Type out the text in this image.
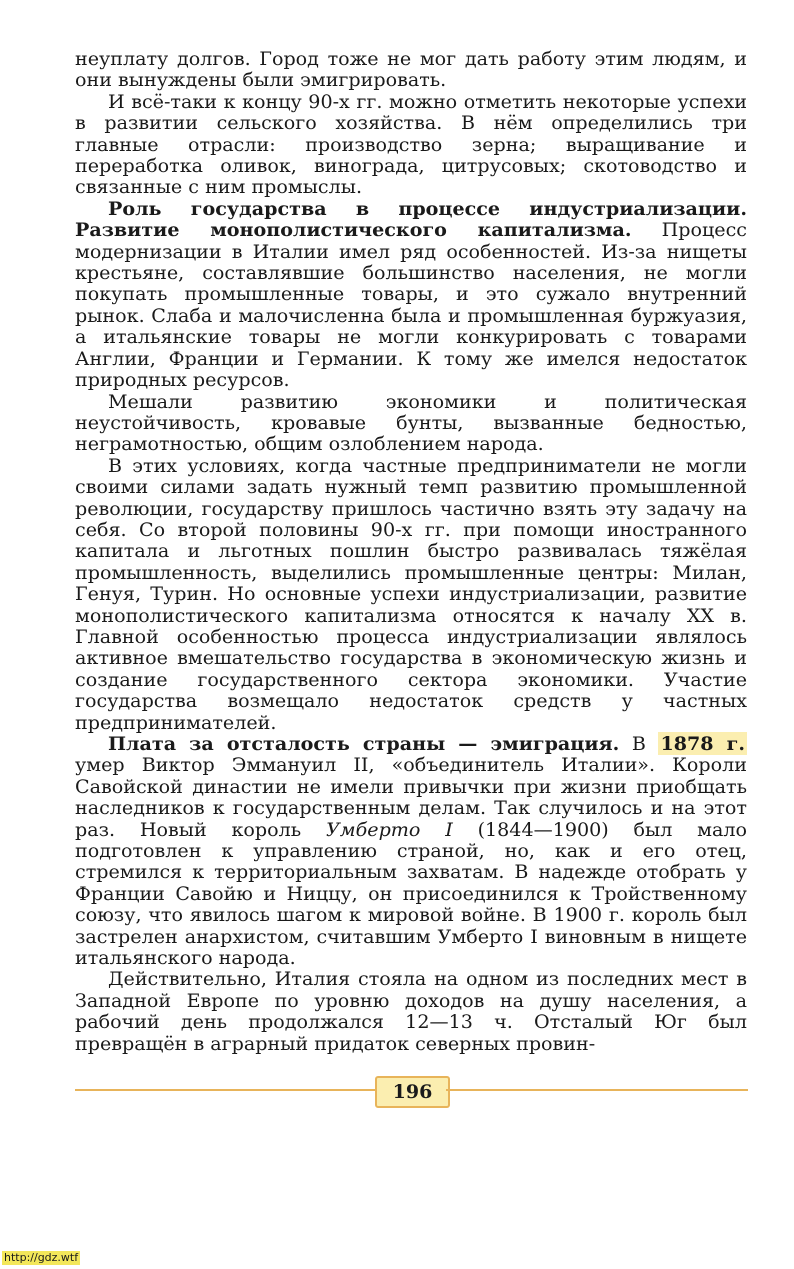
неуплату долгов. Город тоже не мог дать работу этим людям, и они вынуждены были эмигрировать.

И всё-таки к концу 90-х гг. можно отметить некоторые успехи в развитии сельского хозяйства. В нём определились три главные отрасли: производство зерна; выращивание и переработка оливок, винограда, цитрусовых; скотоводство и связанные с ним промыслы.

Роль государства в процессе индустриализации. Развитие монополистического капитализма. Процесс модернизации в Италии имел ряд особенностей. Из-за нищеты крестьяне, составлявшие большинство населения, не могли покупать промышленные товары, и это сужало внутренний рынок. Слаба и малочисленна была и промышленная буржуазия, а итальянские товары не могли конкурировать с товарами Англии, Франции и Германии. К тому же имелся недостаток природных ресурсов.

Мешали развитию экономики и политическая неустойчивость, кровавые бунты, вызванные бедностью, неграмотностью, общим озлоблением народа.

В этих условиях, когда частные предприниматели не могли своими силами задать нужный темп развитию промышленной революции, государству пришлось частично взять эту задачу на себя. Со второй половины 90-х гг. при помощи иностранного капитала и льготных пошлин быстро развивалась тяжёлая промышленность, выделились промышленные центры: Милан, Генуя, Турин. Но основные успехи индустриализации, развитие монополистического капитализма относятся к началу XX в. Главной особенностью процесса индустриализации являлось активное вмешательство государства в экономическую жизнь и создание государственного сектора экономики. Участие государства возмещало недостаток средств у частных предпринимателей.

Плата за отсталость страны — эмиграция. В 1878 г. умер Виктор Эммануил II, «объединитель Италии». Короли Савойской династии не имели привычки при жизни приобщать наследников к государственным делам. Так случилось и на этот раз. Новый король Умберто I (1844—1900) был мало подготовлен к управлению страной, но, как и его отец, стремился к территориальным захватам. В надежде отобрать у Франции Савойю и Ниццу, он присоединился к Тройственному союзу, что явилось шагом к мировой войне. В 1900 г. король был застрелен анархистом, считавшим Умберто I виновным в нищете итальянского народа.

Действительно, Италия стояла на одном из последних мест в Западной Европе по уровню доходов на душу населения, а рабочий день продолжался 12—13 ч. Отсталый Юг был превращён в аграрный придаток северных провин-

196
http://gdz.wtf
